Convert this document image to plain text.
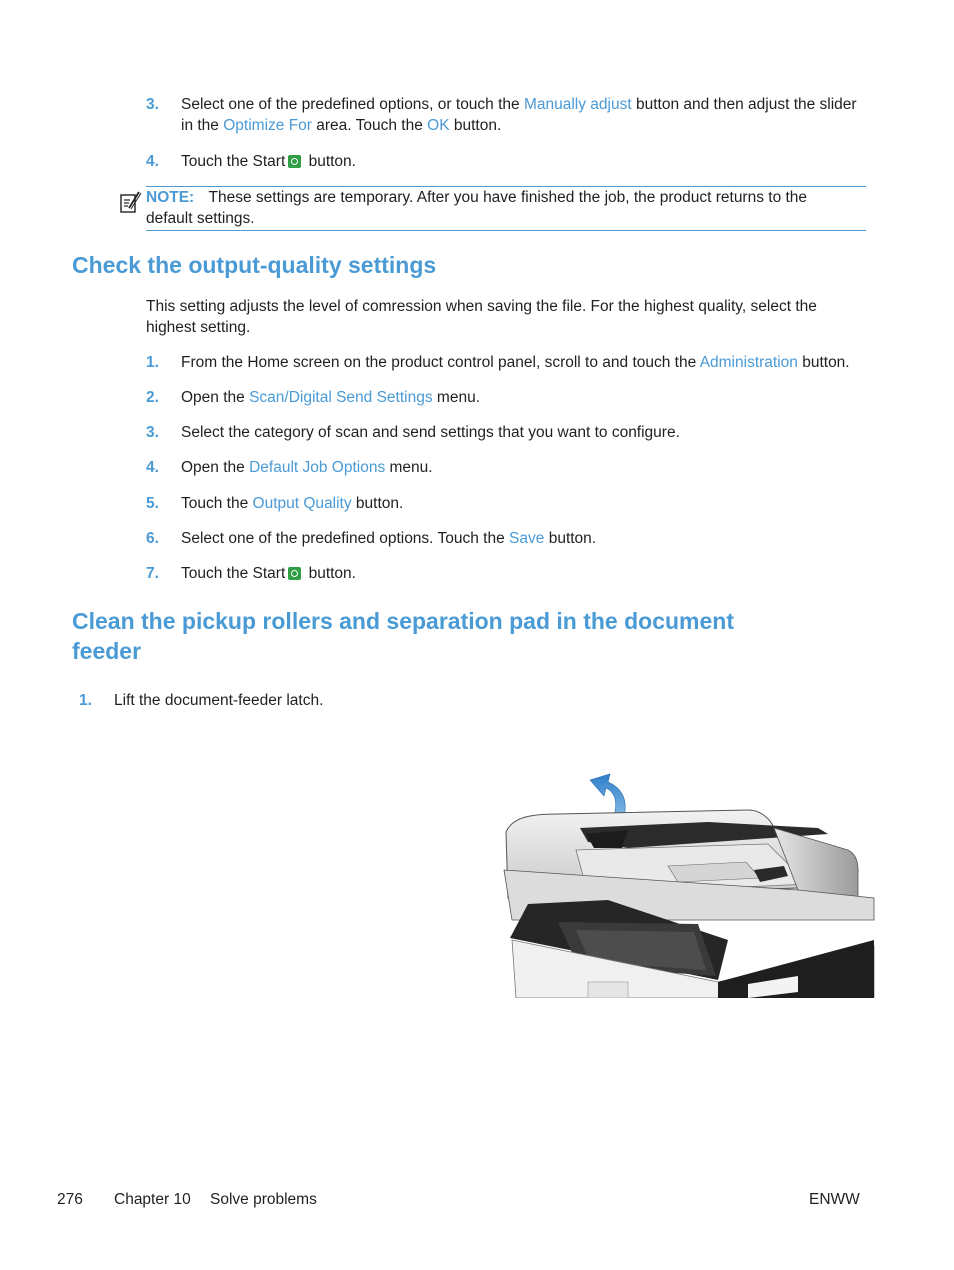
3. Select one of the predefined options, or touch the Manually adjust button and then adjust the slider
in the Optimize For area. Touch the OK button.
4. Touch the Start button.
NOTE: These settings are temporary. After you have finished the job, the product returns to the
default settings.
Check the output-quality settings
This setting adjusts the level of comression when saving the file. For the highest quality, select the
highest setting.
1. From the Home screen on the product control panel, scroll to and touch the Administration button.
2. Open the Scan/Digital Send Settings menu.
3. Select the category of scan and send settings that you want to configure.
4. Open the Default Job Options menu.
5. Touch the Output Quality button.
6. Select one of the predefined options. Touch the Save button.
7. Touch the Start button.
Clean the pickup rollers and separation pad in the document
feeder
1. Lift the document-feeder latch.
276 Chapter 10 Solve problems	ENWW
